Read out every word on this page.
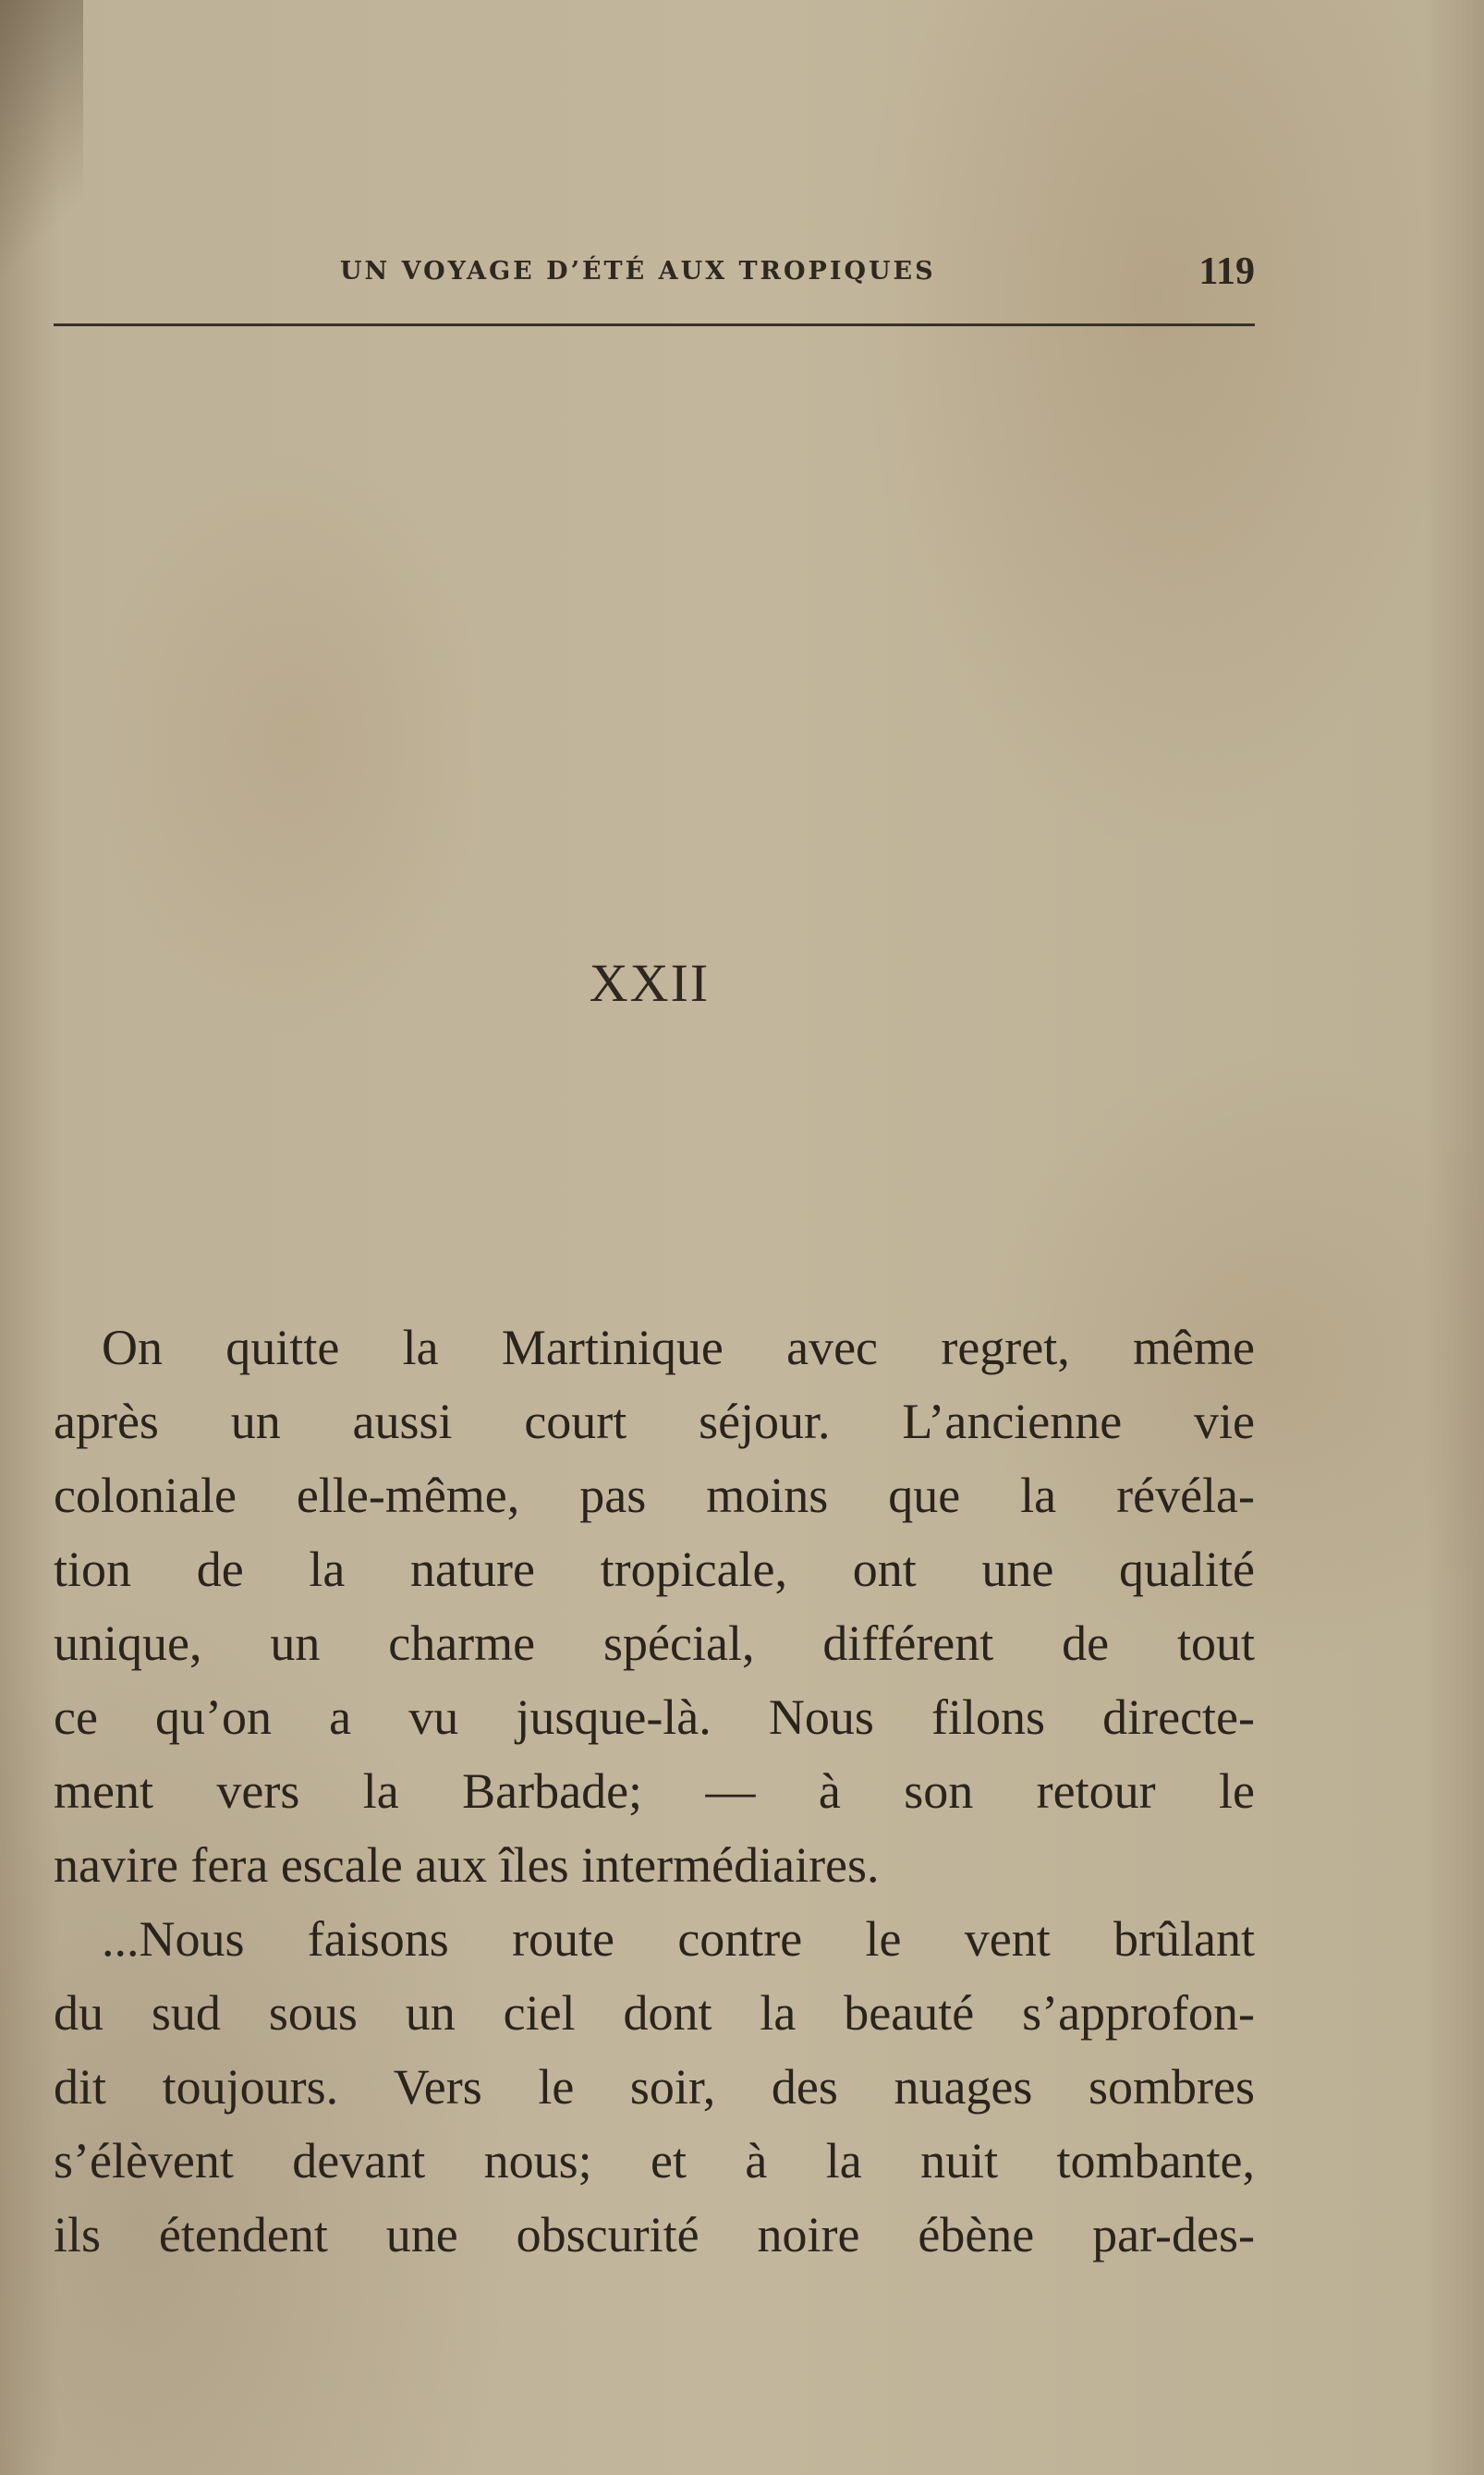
UN VOYAGE D’ÉTÉ AUX TROPIQUES	119
XXII
On quitte la Martinique avec regret, même
après un aussi court séjour. L’ancienne vie
coloniale elle-même, pas moins que la révéla-
tion de la nature tropicale, ont une qualité
unique, un charme spécial, différent de tout
ce qu’on a vu jusque-là. Nous filons directe-
ment vers la Barbade; — à son retour le
navire fera escale aux îles intermédiaires.
...Nous faisons route contre le vent brûlant
du sud sous un ciel dont la beauté s’approfon-
dit toujours. Vers le soir, des nuages sombres
s’élèvent devant nous; et à la nuit tombante,
ils étendent une obscurité noire ébène par-des-
